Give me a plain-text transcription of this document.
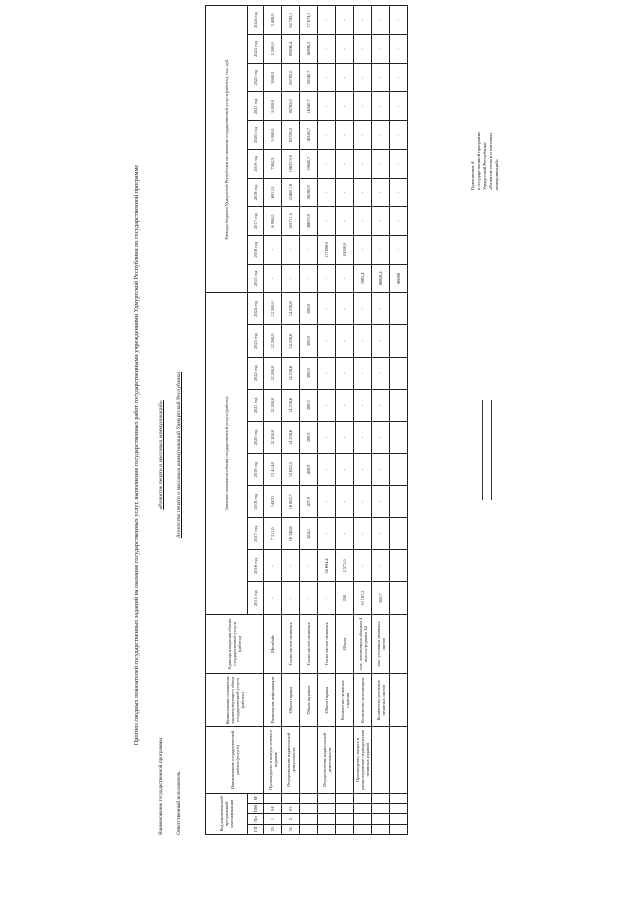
Приложение 4 к государственной программе Удмуртской Республики «Развитие печати и массовых коммуникаций»

Прогноз сводных показателей государственных заданий на оказание государственных услуг, выполнение государственных работ государственными учреждениями Удмуртской Республики по государственной программе	«Развитие печати и массовых коммуникаций»
Наименование государственной программы
Агентство печати и массовых коммуникаций Удмуртской Республики
Ответственный исполнитель	Код аналитической программной классификации				Наименование государственной работы (услуги)	Наименование показателя, характеризующего объем государственной услуги (работы)	Единица измерения объема государственной услуги (работы)	Значение показателя объема государственной услуги (работы)										Расходы бюджета Удмуртской Республики на оказание государственной услуги (работы), тыс. руб.									
ГП	Пп	ОМ	М				2015 год	2016 год	2017 год	2018 год	2019 год	2020 год	2021 год	2022 год	2023 год	2024 год	2015 год	2016 год	2017 год	2018 год	2019 год	2020 год	2021 год	2022 год	2023 год	2024 год
35	1	04		Производство и выпуск сетевого издания	Размещение информации	Мегабайт	-	-	7 311,0	14470	13 414,0	12 200,0	12 200,0	12 200,0	12 200,0	12 200,0	-	-	6 900,0	6911,0	7362,5	5 000,0	5 000,0	5000,0	5 200,0	3 408,0
35	2	03		Осуществление издательской деятельности	Объем тиража	Тысяч листов печатных	-	-	16 348,6	16 802,7	15 622,5	14 238,6	14 238,6	14 238,6	14 238,6	14 238,6	-	-	105711,5	12469 1,8	10623 9,9	83785,0	85785,0	85785,0	89296,4	92 785,1
					Объем журнала	Тысяч листов печатных	-	-	454,1	437,9	408,9	389,9	389,9	389,9	389,9	389,9	-	-	26670,0	26180,9	19842,7	16340,7	16340,7	16340,7	16996,3	17 674,1
				Осуществление издательской деятельности	Объем тиража	Тысяч листов печатных	-	16 694,4	-	-	-	-	-	-	-	-	-	117498,0	-	-	-	-	-	-	-	-
					Количество печатных страниц	Штука	250	2 571,0	-	-	-	-	-	-	-	-	-	10000,0	-	-	-	-	-	-	-	-
				Производство, выпуск и распространение периодических печатных изданий	Количество экземпляров	тыс. экземпляров объемом 4 полосы формата А2	10 187,2	-	-	-	-	-	-	-	-	-	3985,4	-	-	-	-	-	-	-	-	-
					Количество условных печатных листов	тыс. условных печатных листов	300,7	-	-	-	-	-	-	-	-	-	86858,4	-	-	-	-	-	-	-	-	-
																	86088	-	-	-	-	-	-	-	-	-
